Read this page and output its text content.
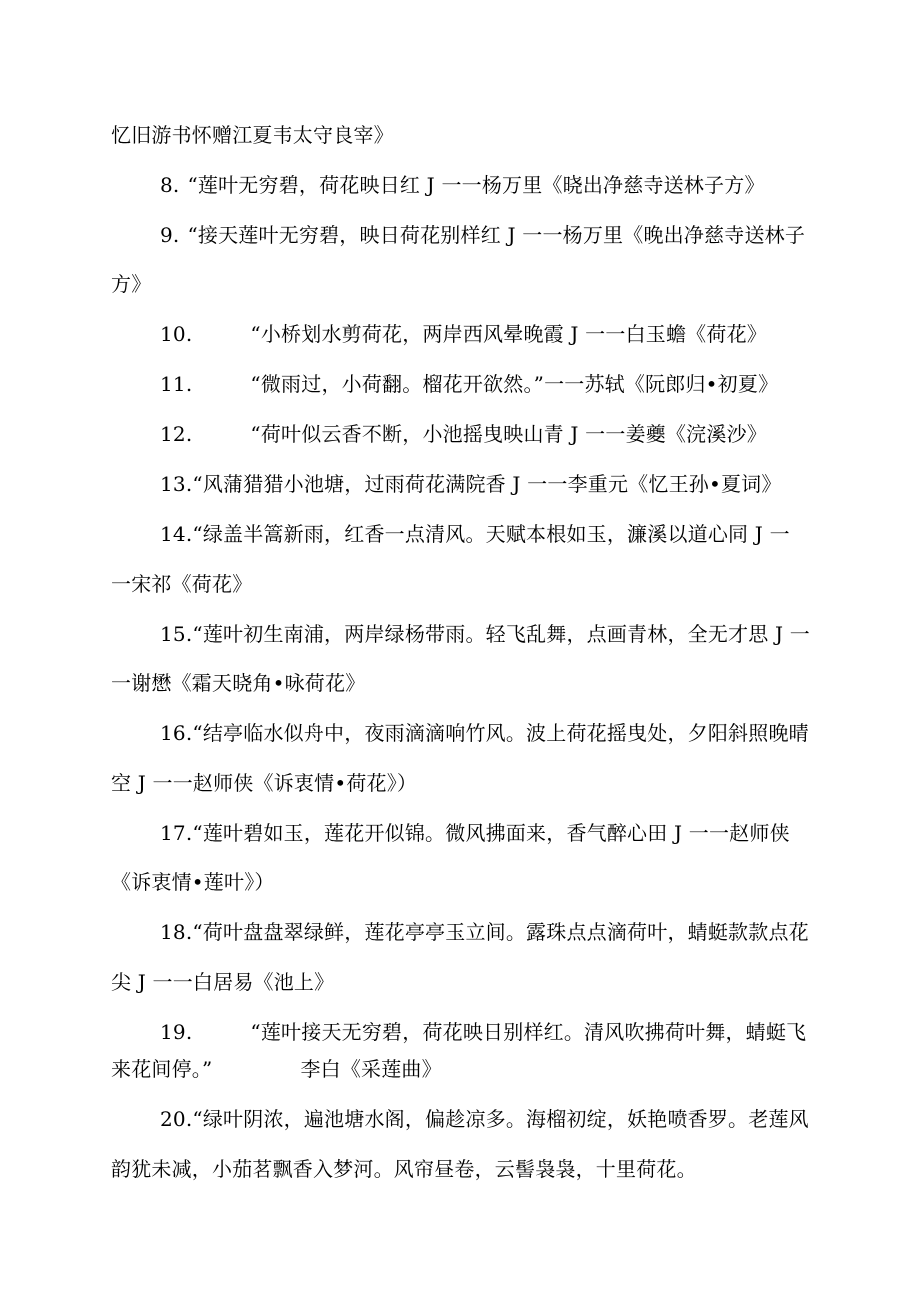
忆旧游书怀赠江夏韦太守良宰》
8. “莲叶无穷碧，荷花映日红 J 一一杨万里《晓出净慈寺送林子方》
9. “接天莲叶无穷碧，映日荷花别样红 J 一一杨万里《晚出净慈寺送林子
方》
10.	“小桥划水剪荷花，两岸西风晕晚霞 J 一一白玉蟾《荷花》
11.	“微雨过，小荷翻。榴花开欲然。”一一苏轼《阮郎归•初夏》
12.	“荷叶似云香不断，小池摇曳映山青 J 一一姜夔《浣溪沙》
13.“风蒲猎猎小池塘，过雨荷花满院香 J 一一李重元《忆王孙•夏词》
14.“绿盖半篙新雨，红香一点清风。天赋本根如玉，濂溪以道心同 J 一
一宋祁《荷花》
15.“莲叶初生南浦，两岸绿杨带雨。轻飞乱舞，点画青林，全无才思 J 一
一谢懋《霜天晓角•咏荷花》
16.“结亭临水似舟中，夜雨滴滴响竹风。波上荷花摇曳处，夕阳斜照晚晴
空 J 一一赵师侠《诉衷情•荷花》）
17.“莲叶碧如玉，莲花开似锦。微风拂面来，香气醉心田 J 一一赵师侠
《诉衷情•莲叶》）
18.“荷叶盘盘翠绿鲜，莲花亭亭玉立间。露珠点点滴荷叶，蜻蜓款款点花
尖 J 一一白居易《池上》
19.	“莲叶接天无穷碧，荷花映日别样红。清风吹拂荷叶舞，蜻蜓飞
来花间停。”	李白《采莲曲》
20.“绿叶阴浓，遍池塘水阁，偏趁凉多。海榴初绽，妖艳喷香罗。老莲风
韵犹未减，小茄茗飘香入梦河。风帘昼卷，云髻袅袅，十里荷花。
